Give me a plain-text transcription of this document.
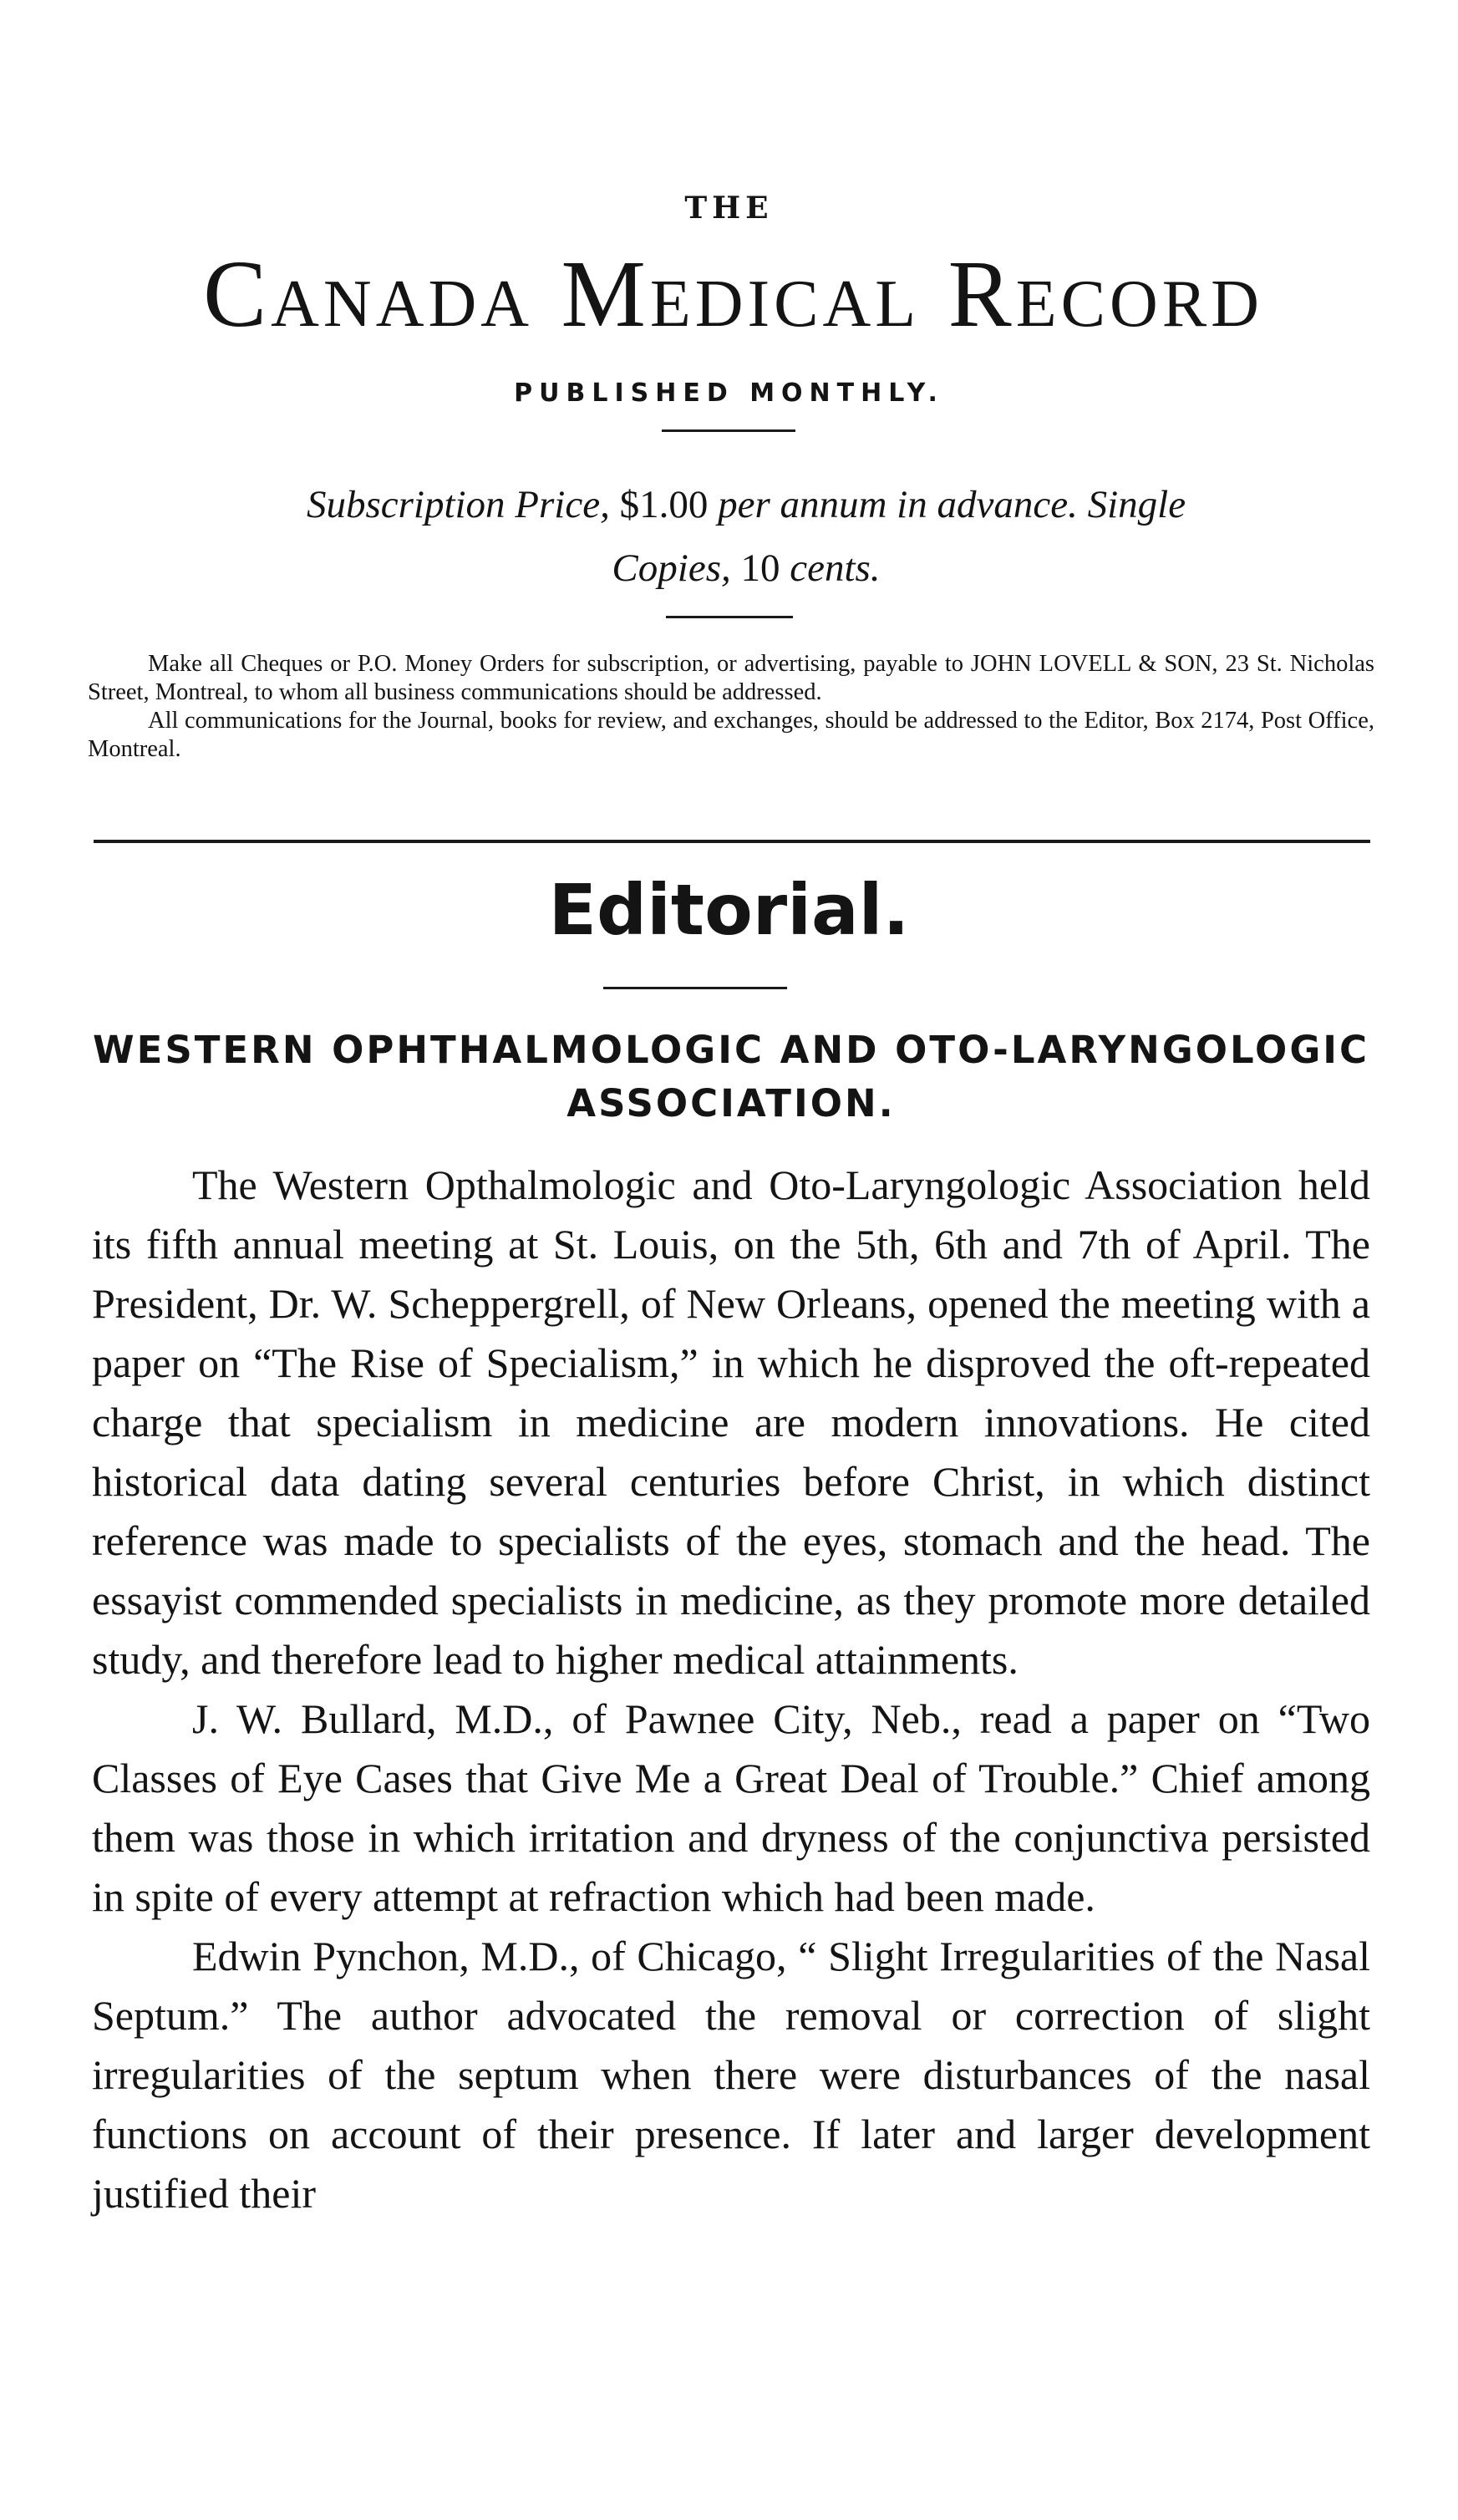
THE
Canada Medical Record
PUBLISHED MONTHLY.
Subscription Price, $1.00 per annum in advance. Single
Copies, 10 cents.

Make all Cheques or P.O. Money Orders for subscription, or advertising, payable to JOHN LOVELL & SON, 23 St. Nicholas Street, Montreal, to whom all business communications should be addressed.

All communications for the Journal, books for review, and exchanges, should be addressed to the Editor, Box 2174, Post Office, Montreal.

Editorial.
WESTERN OPHTHALMOLOGIC AND OTO-LARYNGOLOGIC ASSOCIATION.

The Western Opthalmologic and Oto-Laryngologic Association held its fifth annual meeting at St. Louis, on the 5th, 6th and 7th of April. The President, Dr. W. Scheppergrell, of New Orleans, opened the meeting with a paper on “The Rise of Specialism,” in which he disproved the oft-repeated charge that specialism in medicine are modern innovations. He cited historical data dating several centuries before Christ, in which distinct reference was made to specialists of the eyes, stomach and the head. The essayist commended specialists in medicine, as they promote more detailed study, and therefore lead to higher medical attainments.

J. W. Bullard, M.D., of Pawnee City, Neb., read a paper on “Two Classes of Eye Cases that Give Me a Great Deal of Trouble.” Chief among them was those in which irritation and dryness of the conjunctiva persisted in spite of every attempt at refraction which had been made.

Edwin Pynchon, M.D., of Chicago, “ Slight Irregularities of the Nasal Septum.” The author advocated the removal or correction of slight irregularities of the septum when there were disturbances of the nasal functions on account of their presence. If later and larger development justified their
